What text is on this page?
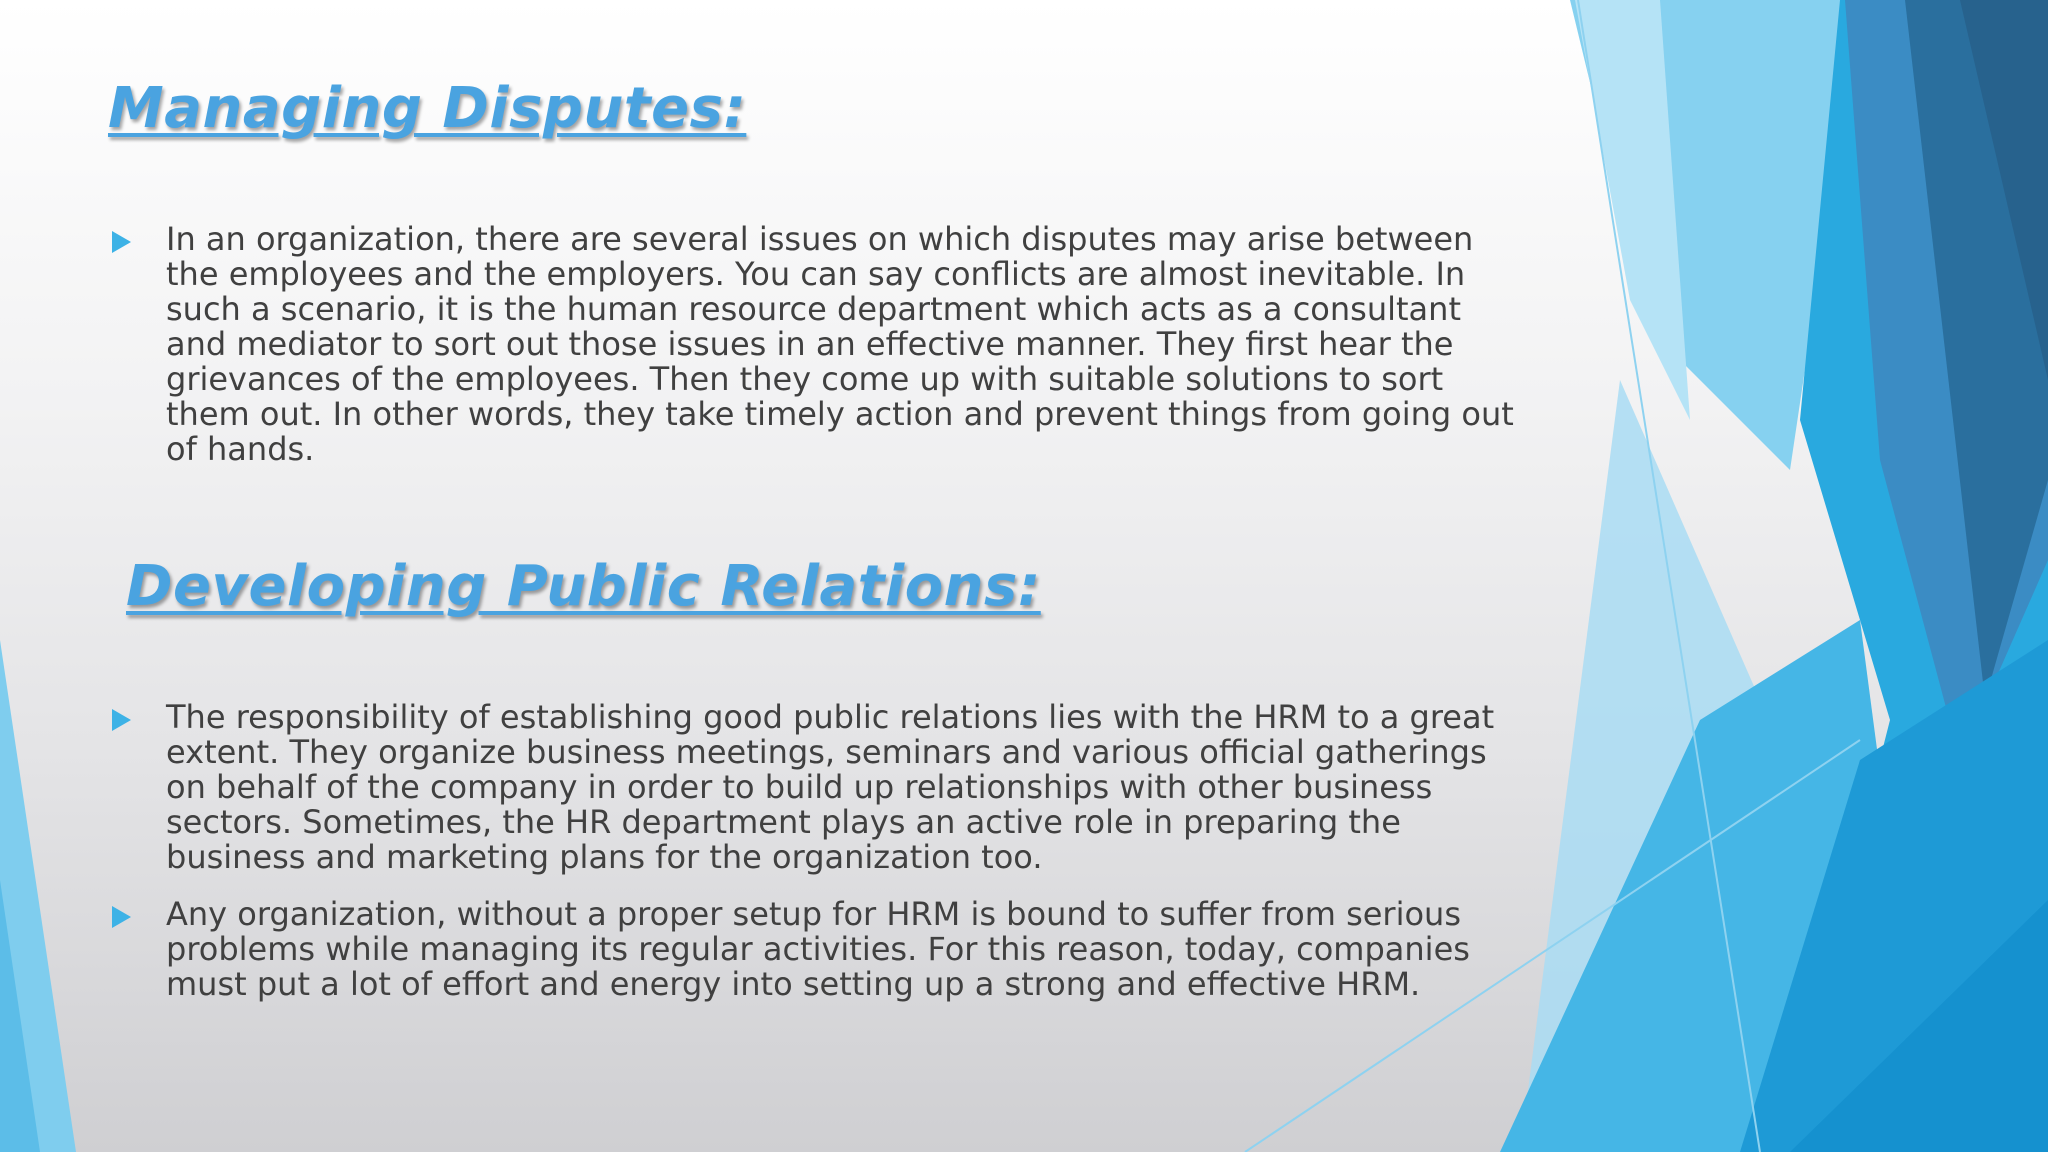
Managing Disputes:
In an organization, there are several issues on which disputes may arise between the employees and the employers. You can say conflicts are almost inevitable. In such a scenario, it is the human resource department which acts as a consultant and mediator to sort out those issues in an effective manner. They first hear the grievances of the employees. Then they come up with suitable solutions to sort them out. In other words, they take timely action and prevent things from going out of hands.
Developing Public Relations:
The responsibility of establishing good public relations lies with the HRM to a great extent. They organize business meetings, seminars and various official gatherings on behalf of the company in order to build up relationships with other business sectors. Sometimes, the HR department plays an active role in preparing the business and marketing plans for the organization too.
Any organization, without a proper setup for HRM is bound to suffer from serious problems while managing its regular activities. For this reason, today, companies must put a lot of effort and energy into setting up a strong and effective HRM.
